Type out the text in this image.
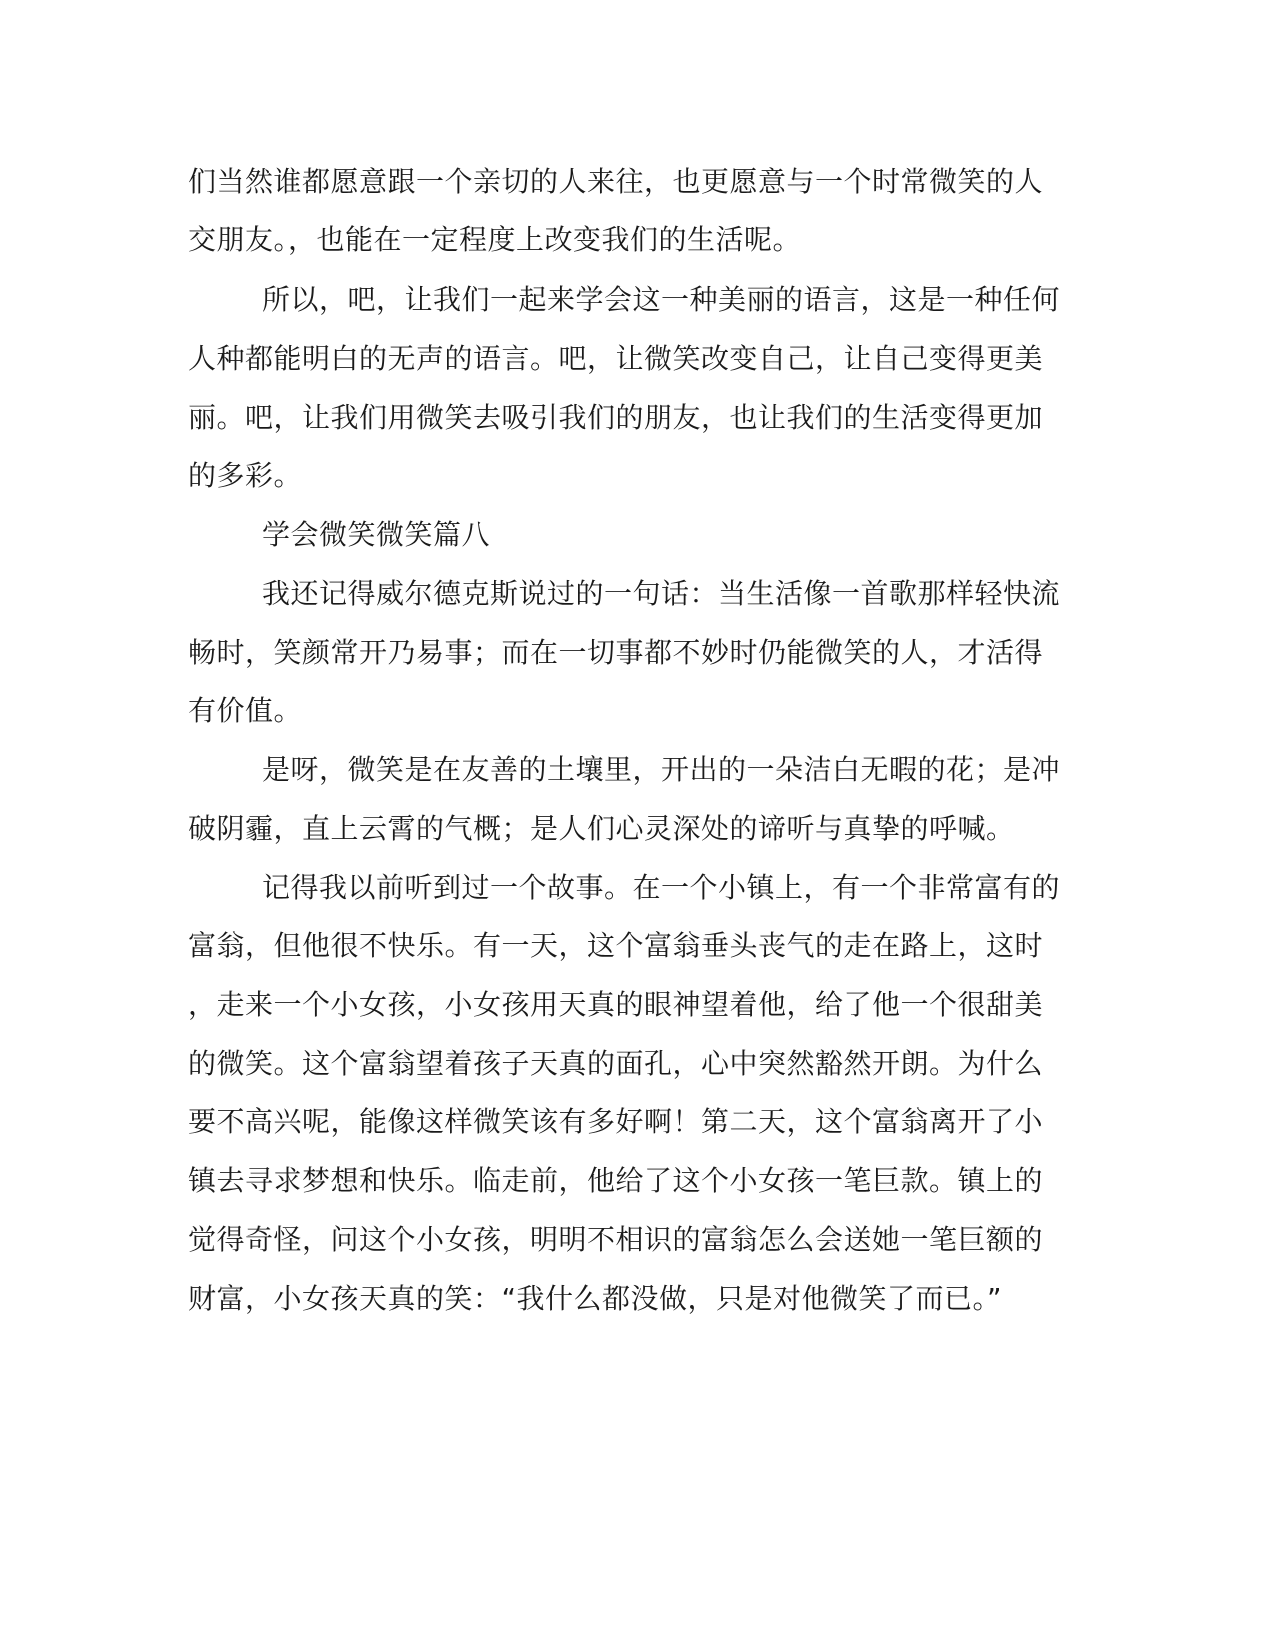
们当然谁都愿意跟一个亲切的人来往，也更愿意与一个时常微笑的人

交朋友。，也能在一定程度上改变我们的生活呢。

所以，吧，让我们一起来学会这一种美丽的语言，这是一种任何

人种都能明白的无声的语言。吧，让微笑改变自己，让自己变得更美

丽。吧，让我们用微笑去吸引我们的朋友，也让我们的生活变得更加

的多彩。

学会微笑微笑篇八

我还记得威尔德克斯说过的一句话：当生活像一首歌那样轻快流

畅时，笑颜常开乃易事；而在一切事都不妙时仍能微笑的人，才活得

有价值。

是呀，微笑是在友善的土壤里，开出的一朵洁白无暇的花；是冲

破阴霾，直上云霄的气概；是人们心灵深处的谛听与真挚的呼喊。

记得我以前听到过一个故事。在一个小镇上，有一个非常富有的

富翁，但他很不快乐。有一天，这个富翁垂头丧气的走在路上，这时

，走来一个小女孩，小女孩用天真的眼神望着他，给了他一个很甜美

的微笑。这个富翁望着孩子天真的面孔，心中突然豁然开朗。为什么

要不高兴呢，能像这样微笑该有多好啊！第二天，这个富翁离开了小

镇去寻求梦想和快乐。临走前，他给了这个小女孩一笔巨款。镇上的

觉得奇怪，问这个小女孩，明明不相识的富翁怎么会送她一笔巨额的

财富，小女孩天真的笑：“我什么都没做，只是对他微笑了而已。”
